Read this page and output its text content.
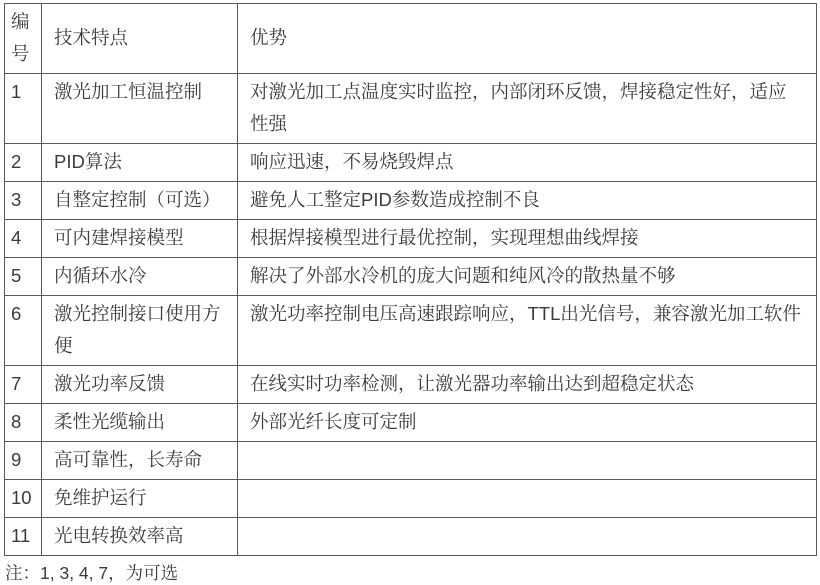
编号	技术特点	优势
1	激光加工恒温控制	对激光加工点温度实时监控，内部闭环反馈，焊接稳定性好，适应性强
2	PID算法	响应迅速，不易烧毁焊点
3	自整定控制（可选）	避免人工整定PID参数造成控制不良
4	可内建焊接模型	根据焊接模型进行最优控制，实现理想曲线焊接
5	内循环水冷	解决了外部水冷机的庞大问题和纯风冷的散热量不够
6	激光控制接口使用方便	激光功率控制电压高速跟踪响应，TTL出光信号，兼容激光加工软件
7	激光功率反馈	在线实时功率检测，让激光器功率输出达到超稳定状态
8	柔性光缆输出	外部光纤长度可定制
9	高可靠性，长寿命	
10	免维护运行	
11	光电转换效率高	
注：1, 3, 4, 7，为可选
